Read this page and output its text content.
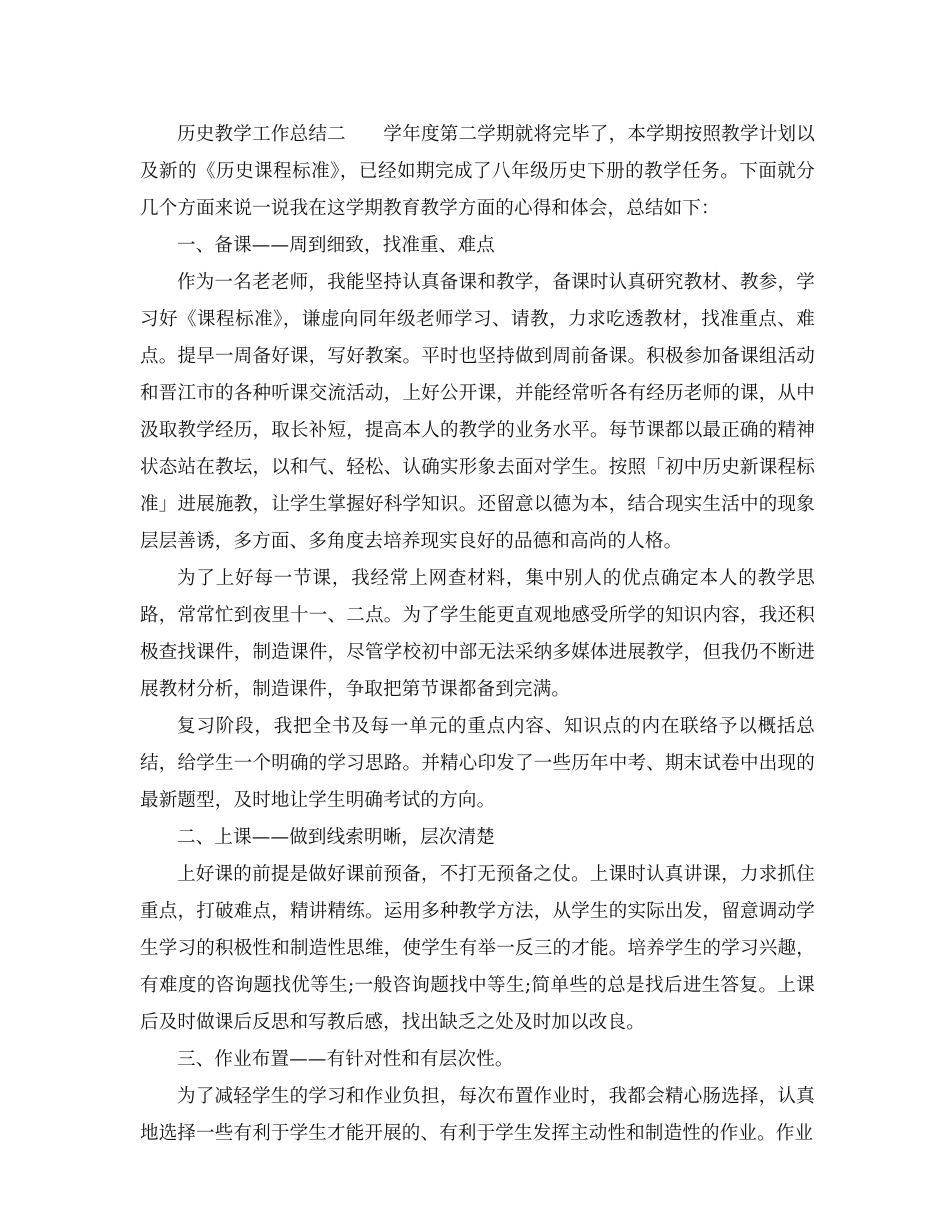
历史教学工作总结二　　学年度第二学期就将完毕了，本学期按照教学计划以及新的《历史课程标准》，已经如期完成了八年级历史下册的教学任务。下面就分几个方面来说一说我在这学期教育教学方面的心得和体会，总结如下：

一、备课——周到细致，找准重、难点

作为一名老老师，我能坚持认真备课和教学，备课时认真研究教材、教参，学习好《课程标准》，谦虚向同年级老师学习、请教，力求吃透教材，找准重点、难点。提早一周备好课，写好教案。平时也坚持做到周前备课。积极参加备课组活动和晋江市的各种听课交流活动，上好公开课，并能经常听各有经历老师的课，从中汲取教学经历，取长补短，提高本人的教学的业务水平。每节课都以最正确的精神状态站在教坛，以和气、轻松、认确实形象去面对学生。按照「初中历史新课程标准」进展施教，让学生掌握好科学知识。还留意以德为本，结合现实生活中的现象层层善诱，多方面、多角度去培养现实良好的品德和高尚的人格。

为了上好每一节课，我经常上网查材料，集中别人的优点确定本人的教学思路，常常忙到夜里十一、二点。为了学生能更直观地感受所学的知识内容，我还积极查找课件，制造课件，尽管学校初中部无法采纳多媒体进展教学，但我仍不断进展教材分析，制造课件，争取把第节课都备到完满。

复习阶段，我把全书及每一单元的重点内容、知识点的内在联络予以概括总结，给学生一个明确的学习思路。并精心印发了一些历年中考、期末试卷中出现的最新题型，及时地让学生明确考试的方向。

二、上课——做到线索明晰，层次清楚

上好课的前提是做好课前预备，不打无预备之仗。上课时认真讲课，力求抓住重点，打破难点，精讲精练。运用多种教学方法，从学生的实际出发，留意调动学生学习的积极性和制造性思维，使学生有举一反三的才能。培养学生的学习兴趣，有难度的咨询题找优等生;一般咨询题找中等生;简单些的总是找后进生答复。上课后及时做课后反思和写教后感，找出缺乏之处及时加以改良。

三、作业布置——有针对性和有层次性。

为了减轻学生的学习和作业负担，每次布置作业时，我都会精心肠选择，认真地选择一些有利于学生才能开展的、有利于学生发挥主动性和制造性的作业。作业
